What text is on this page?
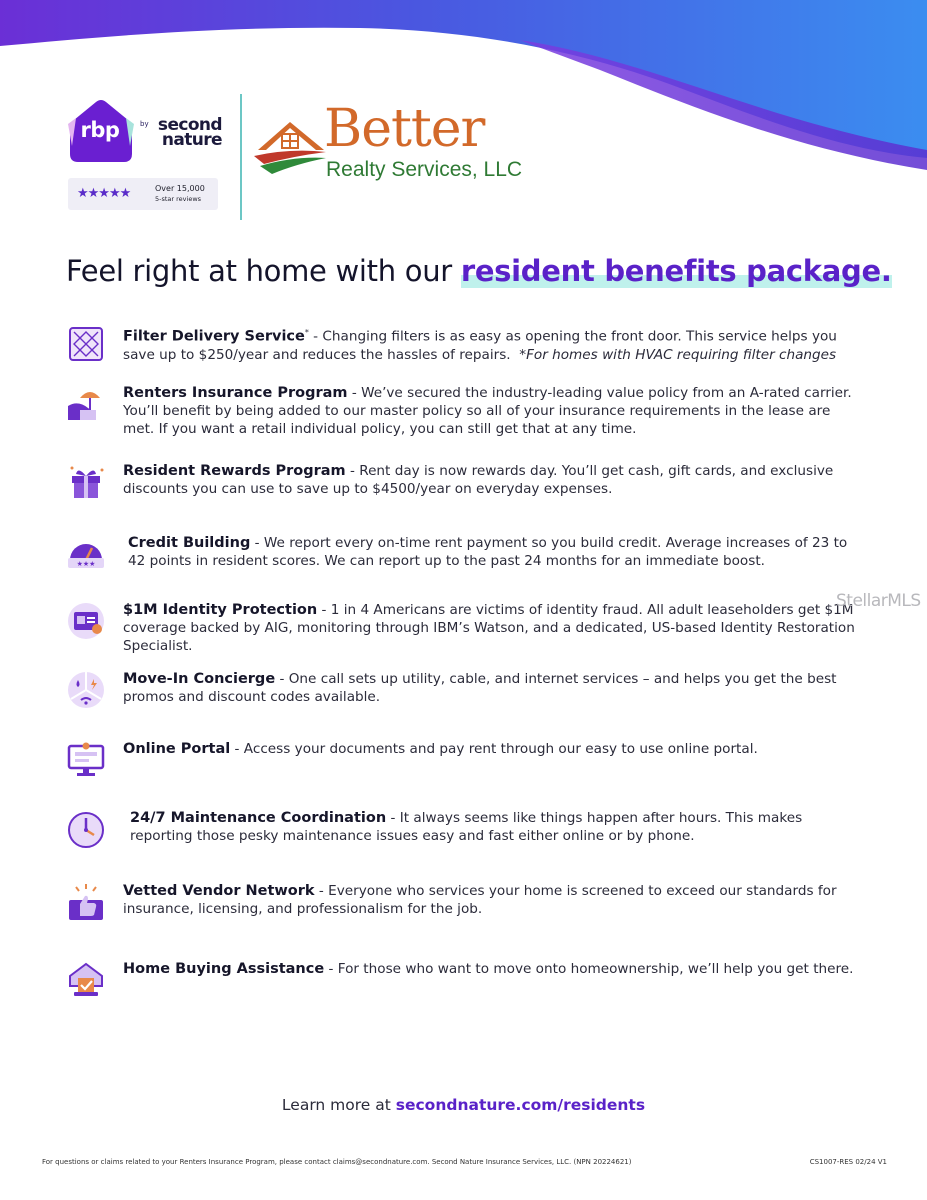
rbp	by second nature
★★★★★	Over 15,000
5-star reviews
Better
Realty Services, LLC
Feel right at home with our resident benefits package.
Filter Delivery Service* - Changing filters is as easy as opening the front door. This service helps you save up to $250/year and reduces the hassles of repairs. *For homes with HVAC requiring filter changes
Renters Insurance Program - We’ve secured the industry-leading value policy from an A-rated carrier. You’ll benefit by being added to our master policy so all of your insurance requirements in the lease are met. If you want a retail individual policy, you can still get that at any time.
Resident Rewards Program - Rent day is now rewards day. You’ll get cash, gift cards, and exclusive discounts you can use to save up to $4500/year on everyday expenses.
★★★
Credit Building - We report every on-time rent payment so you build credit. Average increases of 23 to 42 points in resident scores. We can report up to the past 24 months for an immediate boost.
$1M Identity Protection - 1 in 4 Americans are victims of identity fraud. All adult leaseholders get $1M coverage backed by AIG, monitoring through IBM’s Watson, and a dedicated, US-based Identity Restoration Specialist.
Move-In Concierge - One call sets up utility, cable, and internet services – and helps you get the best promos and discount codes available.
Online Portal - Access your documents and pay rent through our easy to use online portal.
24/7 Maintenance Coordination - It always seems like things happen after hours. This makes reporting those pesky maintenance issues easy and fast either online or by phone.
Vetted Vendor Network - Everyone who services your home is screened to exceed our standards for insurance, licensing, and professionalism for the job.
Home Buying Assistance - For those who want to move onto homeownership, we’ll help you get there.
StellarMLS
Learn more at secondnature.com/residents
For questions or claims related to your Renters Insurance Program, please contact claims@secondnature.com. Second Nature Insurance Services, LLC. (NPN 20224621)	CS1007-RES 02/24 V1
